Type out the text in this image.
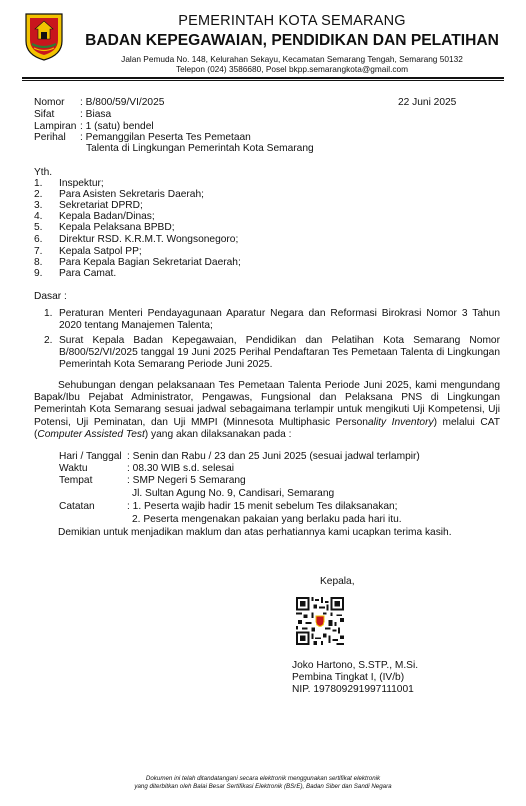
PEMERINTAH KOTA SEMARANG
BADAN KEPEGAWAIAN, PENDIDIKAN DAN PELATIHAN
Jalan Pemuda No. 148, Kelurahan Sekayu, Kecamatan Semarang Tengah, Semarang 50132
Telepon (024) 3586680, Posel bkpp.semarangkota@gmail.com
Nomor : B/800/59/VI/2025	22 Juni 2025
Sifat	: Biasa
Lampiran : 1 (satu) bendel
Perihal : Pemanggilan Peserta Tes Pemetaan
Talenta di Lingkungan Pemerintah Kota Semarang
Yth.
1. Inspektur;
2. Para Asisten Sekretaris Daerah;
3. Sekretariat DPRD;
4. Kepala Badan/Dinas;
5. Kepala Pelaksana BPBD;
6. Direktur RSD. K.R.M.T. Wongsonegoro;
7. Kepala Satpol PP;
8. Para Kepala Bagian Sekretariat Daerah;
9. Para Camat.
Dasar :
1. Peraturan Menteri Pendayagunaan Aparatur Negara dan Reformasi Birokrasi Nomor 3 Tahun 2020 tentang Manajemen Talenta;
2. Surat Kepala Badan Kepegawaian, Pendidikan dan Pelatihan Kota Semarang Nomor B/800/52/VI/2025 tanggal 19 Juni 2025 Perihal Pendaftaran Tes Pemetaan Talenta di Lingkungan Pemerintah Kota Semarang Periode Juni 2025.
Sehubungan dengan pelaksanaan Tes Pemetaan Talenta Periode Juni 2025, kami mengundang Bapak/Ibu Pejabat Administrator, Pengawas, Fungsional dan Pelaksana PNS di Lingkungan Pemerintah Kota Semarang sesuai jadwal sebagaimana terlampir untuk mengikuti Uji Kompetensi, Uji Potensi, Uji Peminatan, dan Uji MMPI (Minnesota Multiphasic Personality Inventory) melalui CAT (Computer Assisted Test) yang akan dilaksanakan pada :
Hari / Tanggal : Senin dan Rabu / 23 dan 25 Juni 2025 (sesuai jadwal terlampir)
Waktu	: 08.30 WIB s.d. selesai
Tempat	: SMP Negeri 5 Semarang
Jl. Sultan Agung No. 9, Candisari, Semarang
Catatan	: 1. Peserta wajib hadir 15 menit sebelum Tes dilaksanakan;
2. Peserta mengenakan pakaian yang berlaku pada hari itu.
Demikian untuk menjadikan maklum dan atas perhatiannya kami ucapkan terima kasih.
Kepala,
Joko Hartono, S.STP., M.Si.
Pembina Tingkat I, (IV/b)
NIP. 197809291997111001
Dokumen ini telah ditandatangani secara elektronik menggunakan sertifikat elektronik
yang diterbitkan oleh Balai Besar Sertifikasi Elektronik (BSrE), Badan Siber dan Sandi Negara
